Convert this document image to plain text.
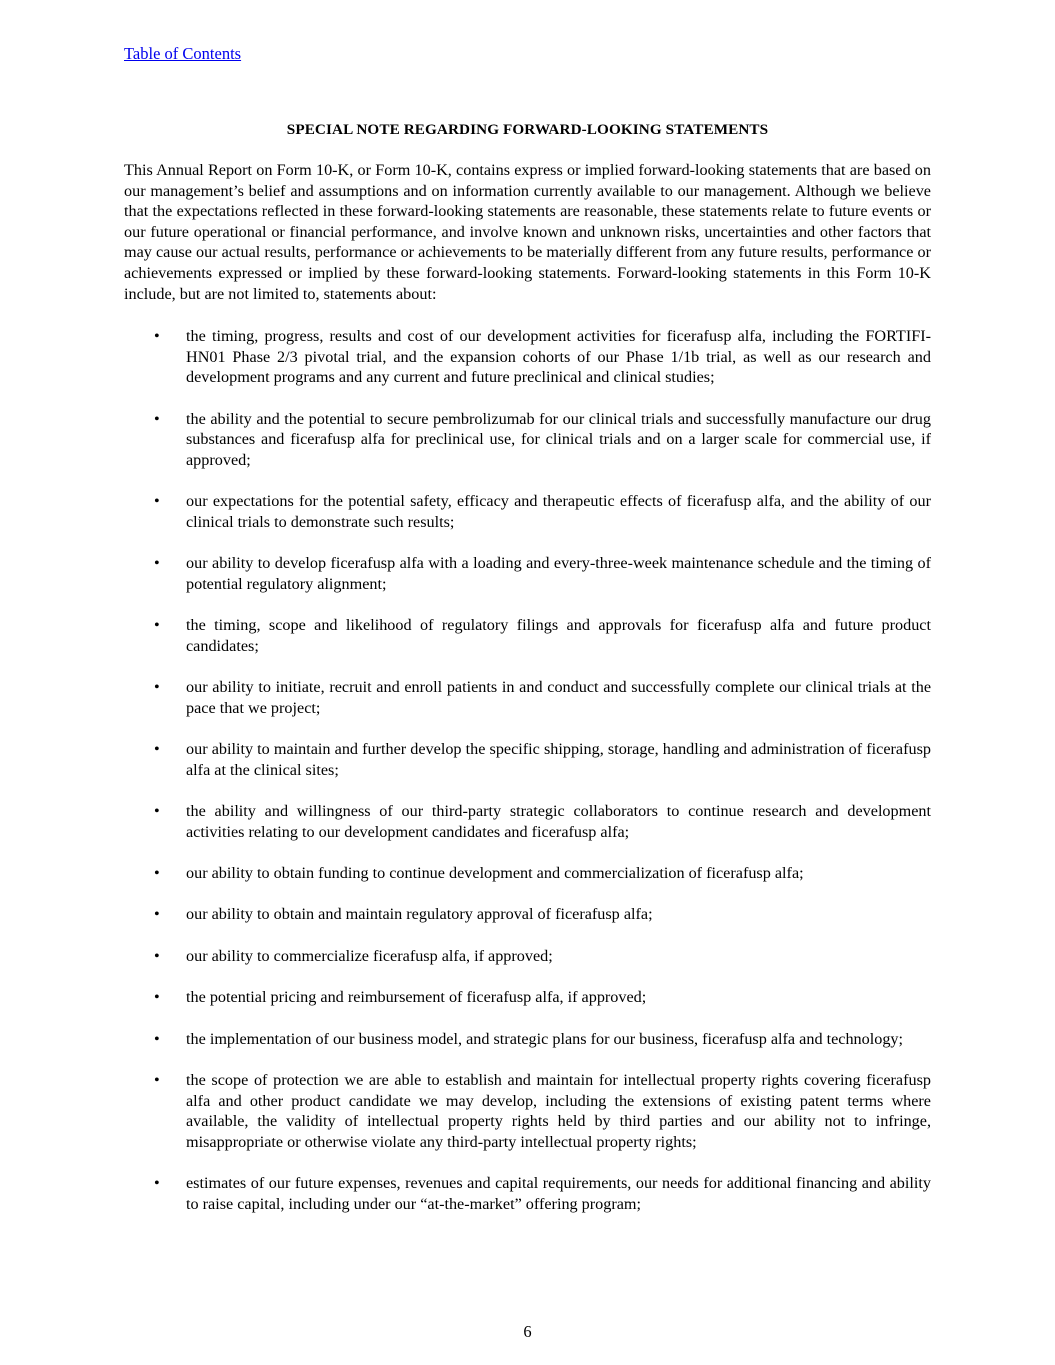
Table of Contents
SPECIAL NOTE REGARDING FORWARD-LOOKING STATEMENTS

This Annual Report on Form 10-K, or Form 10-K, contains express or implied forward-looking statements that are based on our management’s belief and assumptions and on information currently available to our management. Although we believe that the expectations reflected in these forward-looking statements are reasonable, these statements relate to future events or our future operational or financial performance, and involve known and unknown risks, uncertainties and other factors that may cause our actual results, performance or achievements to be materially different from any future results, performance or achievements expressed or implied by these forward-looking statements. Forward-looking statements in this Form 10-K include, but are not limited to, statements about:

• the timing, progress, results and cost of our development activities for ficerafusp alfa, including the FORTIFI-HN01 Phase 2/3 pivotal trial, and the expansion cohorts of our Phase 1/1b trial, as well as our research and development programs and any current and future preclinical and clinical studies;
• the ability and the potential to secure pembrolizumab for our clinical trials and successfully manufacture our drug substances and ficerafusp alfa for preclinical use, for clinical trials and on a larger scale for commercial use, if approved;
• our expectations for the potential safety, efficacy and therapeutic effects of ficerafusp alfa, and the ability of our clinical trials to demonstrate such results;
• our ability to develop ficerafusp alfa with a loading and every-three-week maintenance schedule and the timing of potential regulatory alignment;
• the timing, scope and likelihood of regulatory filings and approvals for ficerafusp alfa and future product candidates;
• our ability to initiate, recruit and enroll patients in and conduct and successfully complete our clinical trials at the pace that we project;
• our ability to maintain and further develop the specific shipping, storage, handling and administration of ficerafusp alfa at the clinical sites;
• the ability and willingness of our third-party strategic collaborators to continue research and development activities relating to our development candidates and ficerafusp alfa;
• our ability to obtain funding to continue development and commercialization of ficerafusp alfa;
• our ability to obtain and maintain regulatory approval of ficerafusp alfa;
• our ability to commercialize ficerafusp alfa, if approved;
• the potential pricing and reimbursement of ficerafusp alfa, if approved;
• the implementation of our business model, and strategic plans for our business, ficerafusp alfa and technology;
• the scope of protection we are able to establish and maintain for intellectual property rights covering ficerafusp alfa and other product candidate we may develop, including the extensions of existing patent terms where available, the validity of intellectual property rights held by third parties and our ability not to infringe, misappropriate or otherwise violate any third-party intellectual property rights;
• estimates of our future expenses, revenues and capital requirements, our needs for additional financing and ability to raise capital, including under our “at-the-market” offering program;
6
